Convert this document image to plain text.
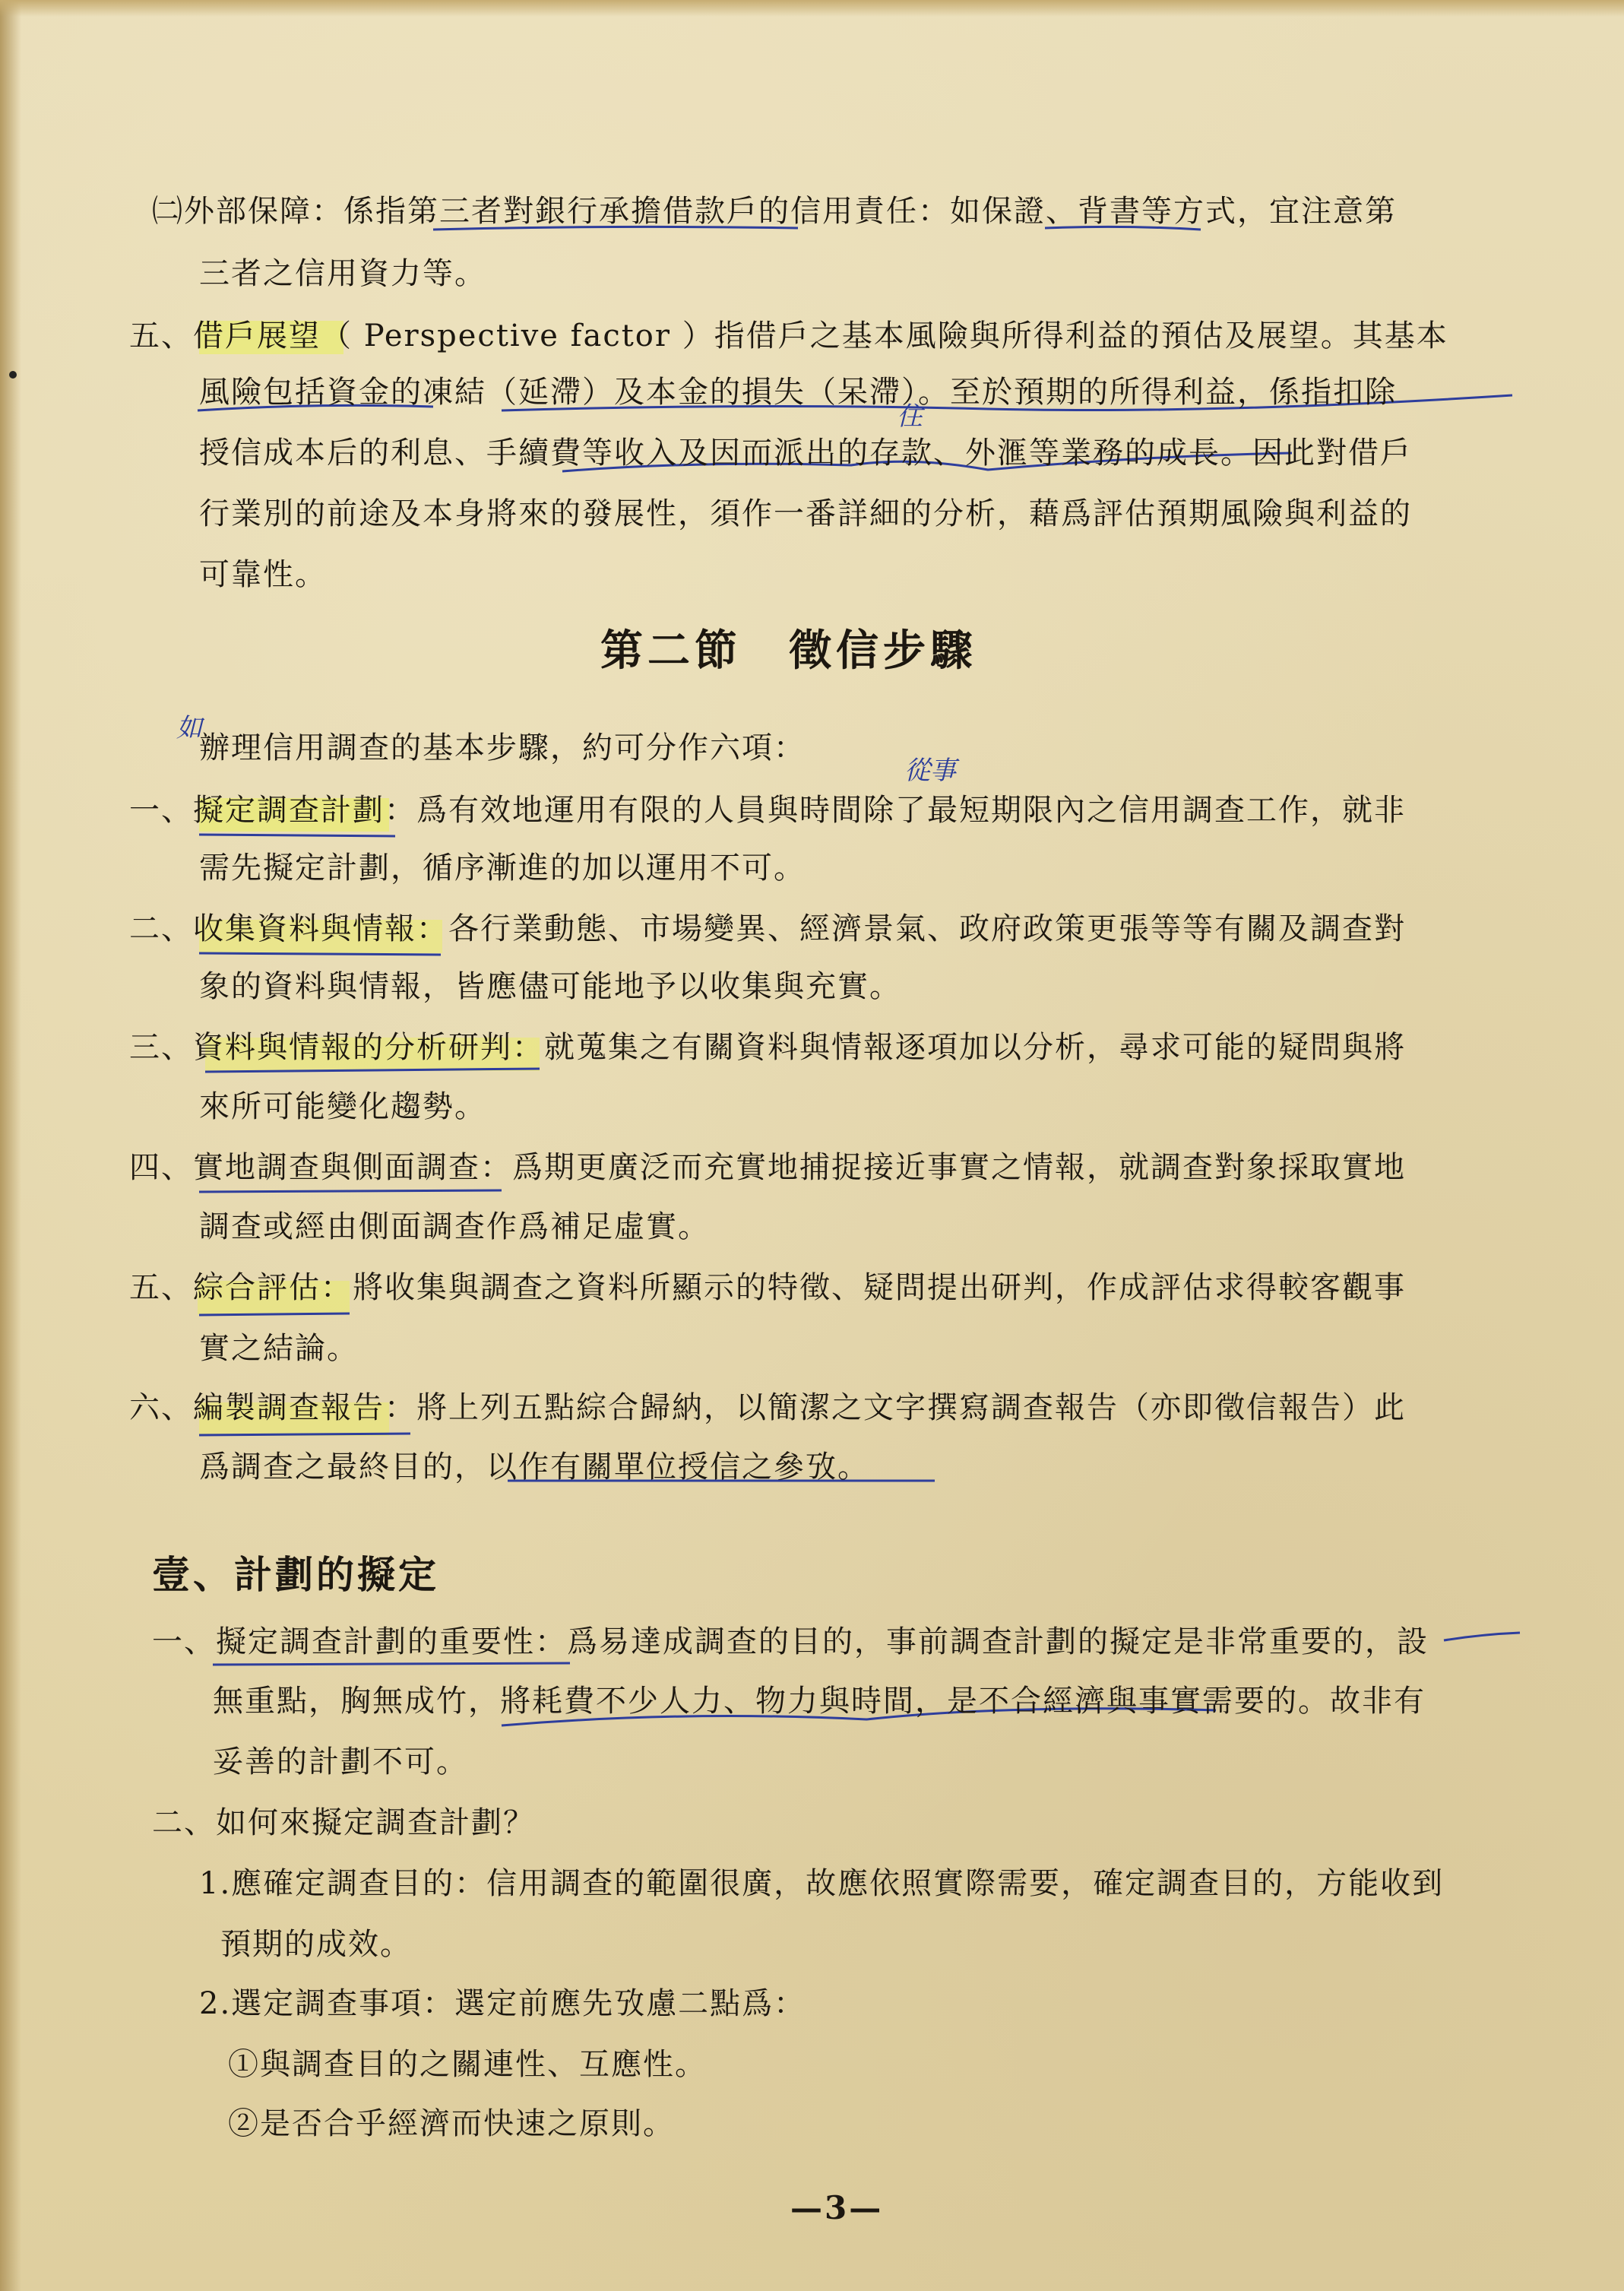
㈡外部保障：係指第三者對銀行承擔借款戶的信用責任：如保證、背書等方式，宜注意第
三者之信用資力等。
五、借戶展望（ Perspective factor ）指借戶之基本風險與所得利益的預估及展望。其基本
風險包括資金的凍結（延滯）及本金的損失（呆滯）。至於預期的所得利益，係指扣除
授信成本后的利息、手續費等收入及因而派出的存款、外滙等業務的成長。因此對借戶
行業別的前途及本身將來的發展性，須作一番詳細的分析，藉爲評估預期風險與利益的
可靠性。
第二節　徵信步驟
辦理信用調查的基本步驟，約可分作六項：
一、擬定調查計劃：爲有效地運用有限的人員與時間除了最短期限內之信用調查工作，就非
需先擬定計劃，循序漸進的加以運用不可。
二、收集資料與情報：各行業動態、市場變異、經濟景氣、政府政策更張等等有關及調查對
象的資料與情報，皆應儘可能地予以收集與充實。
三、資料與情報的分析研判：就蒐集之有關資料與情報逐項加以分析，尋求可能的疑問與將
來所可能變化趨勢。
四、實地調查與側面調查：爲期更廣泛而充實地捕捉接近事實之情報，就調查對象採取實地
調查或經由側面調查作爲補足虛實。
五、綜合評估：將收集與調查之資料所顯示的特徵、疑問提出研判，作成評估求得較客觀事
實之結論。
六、編製調查報告：將上列五點綜合歸納，以簡潔之文字撰寫調查報告（亦即徵信報告）此
爲調查之最終目的，以作有關單位授信之參攷。
壹、計劃的擬定
一、擬定調查計劃的重要性：爲易達成調查的目的，事前調查計劃的擬定是非常重要的，設
無重點，胸無成竹，將耗費不少人力、物力與時間，是不合經濟與事實需要的。故非有
妥善的計劃不可。
二、如何來擬定調查計劃？
1.應確定調查目的：信用調查的範圍很廣，故應依照實際需要，確定調查目的，方能收到
預期的成效。
2.選定調查事項：選定前應先攷慮二點爲：
①與調查目的之關連性、互應性。
②是否合乎經濟而快速之原則。
—3—
住
如
從事
